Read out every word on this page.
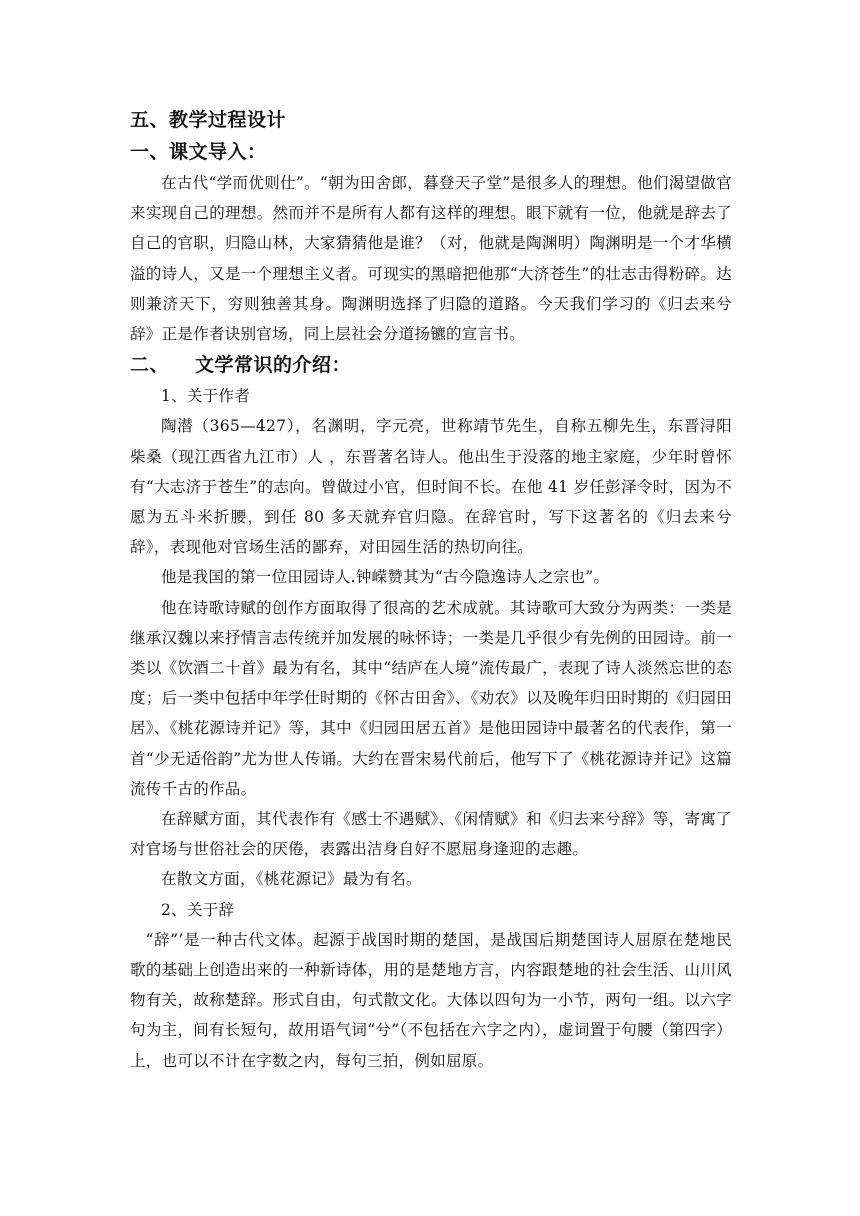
五、教学过程设计
一、课文导入：

在古代“学而优则仕”。“朝为田舍郎，暮登天子堂”是很多人的理想。他们渴望做官来实现自己的理想。然而并不是所有人都有这样的理想。眼下就有一位，他就是辞去了自己的官职，归隐山林，大家猜猜他是谁？（对，他就是陶渊明）陶渊明是一个才华横溢的诗人，又是一个理想主义者。可现实的黑暗把他那“大济苍生”的壮志击得粉碎。达则兼济天下，穷则独善其身。陶渊明选择了归隐的道路。今天我们学习的《归去来兮辞》正是作者诀别官场，同上层社会分道扬镳的宣言书。

二、 文学常识的介绍：

1、关于作者

陶潜（365—427），名渊明，字元亮，世称靖节先生，自称五柳先生，东晋浔阳柴桑（现江西省九江市）人 ，东晋著名诗人。他出生于没落的地主家庭，少年时曾怀有“大志济于苍生”的志向。曾做过小官，但时间不长。在他 41 岁任彭泽令时，因为不愿为五斗米折腰，到任 80 多天就弃官归隐。在辞官时，写下这著名的《归去来兮辞》，表现他对官场生活的鄙弃，对田园生活的热切向往。

他是我国的第一位田园诗人.钟嵘赞其为“古今隐逸诗人之宗也”。

他在诗歌诗赋的创作方面取得了很高的艺术成就。其诗歌可大致分为两类：一类是继承汉魏以来抒情言志传统并加发展的咏怀诗；一类是几乎很少有先例的田园诗。前一类以《饮酒二十首》最为有名，其中“结庐在人境”流传最广，表现了诗人淡然忘世的态度；后一类中包括中年学仕时期的《怀古田舍》、《劝农》以及晚年归田时期的《归园田居》、《桃花源诗并记》等，其中《归园田居五首》是他田园诗中最著名的代表作，第一首“少无适俗韵”尤为世人传诵。大约在晋宋易代前后，他写下了《桃花源诗并记》这篇流传千古的作品。

在辞赋方面，其代表作有《感士不遇赋》、《闲情赋》和《归去来兮辞》等，寄寓了对官场与世俗社会的厌倦，表露出洁身自好不愿屈身逢迎的志趣。

在散文方面，《桃花源记》最为有名。

2、关于辞

“辞”’是一种古代文体。起源于战国时期的楚国，是战国后期楚国诗人屈原在楚地民歌的基础上创造出来的一种新诗体，用的是楚地方言，内容跟楚地的社会生活、山川风物有关，故称楚辞。形式自由，句式散文化。大体以四句为一小节，两句一组。以六字句为主，间有长短句，故用语气词“兮”（不包括在六字之内），虚词置于句腰（第四字）上，也可以不计在字数之内，每句三拍，例如屈原。
